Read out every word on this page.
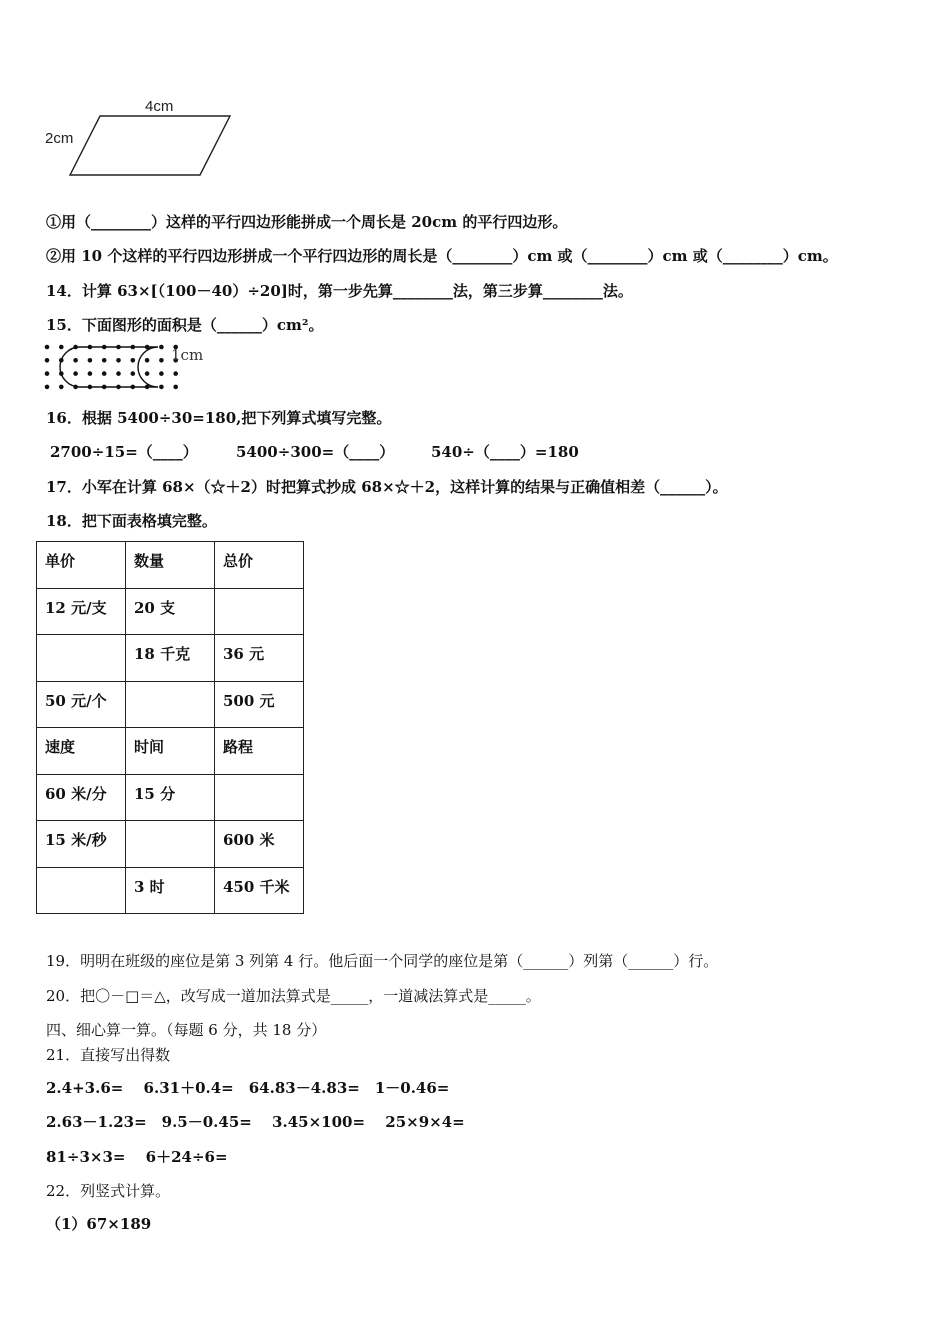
4cm
2cm
①用（________）这样的平行四边形能拼成一个周长是 20cm 的平行四边形。
②用 10 个这样的平行四边形拼成一个平行四边形的周长是（________）cm 或（________）cm 或（________）cm。
14．计算 63×[（100－40）÷20]时，第一步先算________法，第三步算________法。
15．下面图形的面积是（______）cm²。
1cm
16．根据 5400÷30=180,把下列算式填写完整。
2700÷15=（____）	5400÷300=（____） 540÷（____）=180
17．小军在计算 68×（☆＋2）时把算式抄成 68×☆＋2，这样计算的结果与正确值相差（______）。
18．把下面表格填完整。
单价	数量	总价
12 元/支	20 支	
	18 千克	36 元
50 元/个		500 元
速度	时间	路程
60 米/分	15 分	
15 米/秒		600 米
	3 时	450 千米
19．明明在班级的座位是第 3 列第 4 行。他后面一个同学的座位是第（______）列第（______）行。
20．把〇－□＝△，改写成一道加法算式是_____，一道减法算式是_____。
四、细心算一算。（每题 6 分，共 18 分）
21．直接写出得数
2.4+3.6=　 6.31＋0.4=　64.83－4.83=　1－0.46=
2.63－1.23=　9.5－0.45=　 3.45×100=　 25×9×4=
81÷3×3=　 6＋24÷6=
22．列竖式计算。
（1）67×189
